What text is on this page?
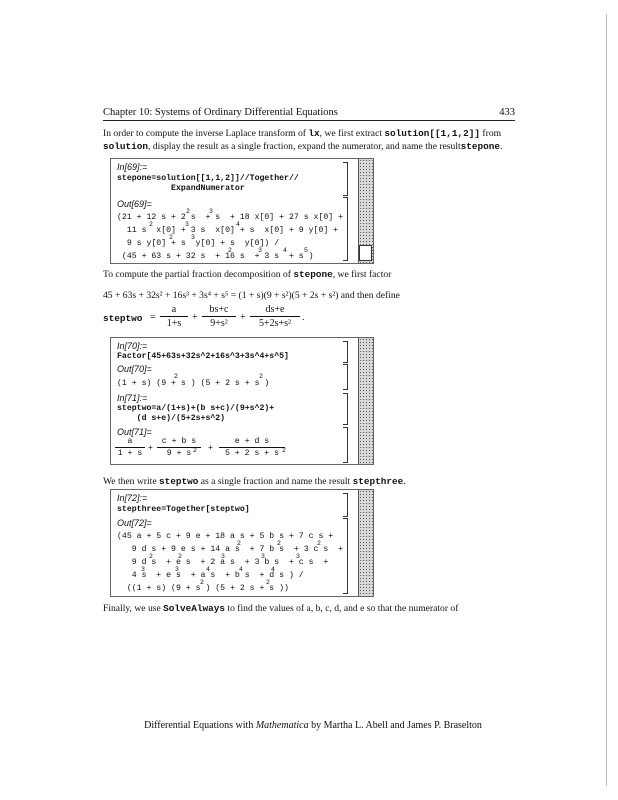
Chapter 10: Systems of Ordinary Differential Equations	433
In order to compute the inverse Laplace transform of lx, we first extract solution[[1,1,2]] from
solution, display the result as a single fraction, expand the numerator, and name the resultstepone.
In[69]:=
stepone=solution[[1,1,2]]//Together//
ExpandNumerator
Out[69]=
(21 + 12 s + 2 s  + s  + 18 x[0] + 27 s x[0] +
2	3
11 s  x[0] + 3 s  x[0] + s  x[0] + 9 y[0] +
2	3	4
9 s y[0] + s  y[0] + s  y[0]) /
2	3
(45 + 63 s + 32 s  + 16 s  + 3 s  + s )
2	3	4	5
To compute the partial fraction decomposition of stepone, we first factor
45 + 63s + 32s² + 16s³ + 3s⁴ + s⁵ = (1 + s)(9 + s²)(5 + 2s + s²) and then define
steptwo =
a
1+s
+
bs+c
9+s²
+
ds+e
5+2s+s²
.
In[70]:=
Factor[45+63s+32s^2+16s^3+3s^4+s^5]
Out[70]=
(1 + s) (9 + s ) (5 + 2 s + s )
2	2
In[71]:=
steptwo=a/(1+s)+(b s+c)/(9+s^2)+
(d s+e)/(5+2s+s^2)
Out[71]=
a
1 + s
+
c + b s
9 + s 2 +
e + d s
5 + 2 s + s 2
We then write steptwo as a single fraction and name the result stepthree.
In[72]:=
stepthree=Together[steptwo]
Out[72]=
(45 a + 5 c + 9 e + 18 a s + 5 b s + 7 c s +
9 d s + 9 e s + 14 a s  + 7 b s  + 3 c s  +
2	2	2
9 d s  + e s  + 2 a s  + 3 b s  + c s  +
2	2	3	3	3
4 s  + e s  + a s  + b s  + d s ) /
3	3	4	4	4
((1 + s) (9 + s ) (5 + 2 s + s ))
2	2
Finally, we use SolveAlways to find the values of a, b, c, d, and e so that the numerator of
Differential Equations with Mathematica by Martha L. Abell and James P. Braselton
